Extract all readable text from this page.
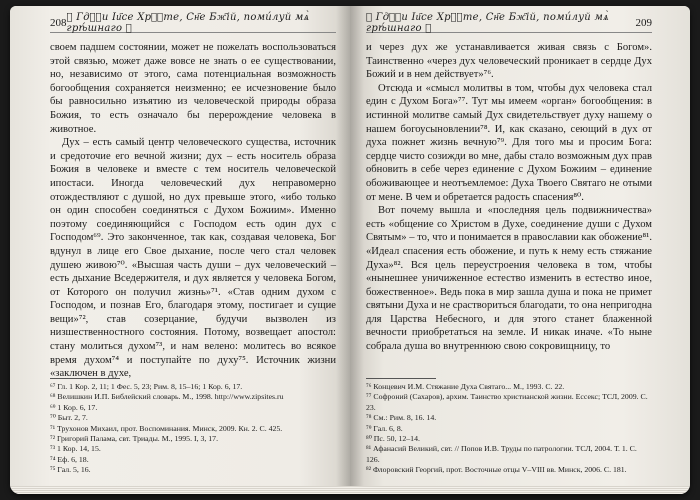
208 ✠ Гдⷭ҇и Іи҃се Хрⷭ҇те, Сн҃е Бж҃ій, поми́луй мѧ̀ грѣ́шнаго ✠

своем падшем состоянии, может не пожелать воспользоваться этой связью, может даже вовсе не знать о ее существовании, но, независимо от этого, сама потенциальная возможность богообщения сохраняется неизменно; ее исчезновение было бы равносильно изъятию из человеческой природы образа Божия, то есть означало бы перерождение человека в животное.

Дух – есть самый центр человеческого существа, источник и средоточие его вечной жизни; дух – есть носитель образа Божия в человеке и вместе с тем носитель человеческой ипостаси. Иногда человеческий дух неправомерно отождествляют с душой, но дух превыше этого, «ибо только он один способен соединяться с Духом Божиим». Именно поэтому соединяющийся с Господом есть один дух с Господом⁶⁹. Это законченное, так как, создавая человека, Бог вдунул в лице его Свое дыхание, после чего стал человек душею живою⁷⁰. «Высшая часть души – дух человеческий – есть дыхание Вседержителя, и дух является у человека Богом, от Которого он получил жизнь»⁷¹. «Став одним духом с Господом, и познав Его, благодаря этому, постигает и сущие вещи»⁷², став созерцание, будучи вызволен из низшественностного состояния. Потому, возвещает апостол: стану молиться духом⁷³, и нам велено: молитесь во всякое время духом⁷⁴ и поступайте по духу⁷⁵. Источник жизни «заключен в духе,

⁶⁷ Гл. 1 Кор. 2, 11; 1 Фес. 5, 23; Рим. 8, 15–16; 1 Кор. 6, 17.

⁶⁸ Велишкин И.П. Библейский словарь. М., 1998. http://www.zipsites.ru

⁶⁹ 1 Кор. 6, 17.

⁷⁰ Быт. 2, 7.

⁷¹ Трухонов Михаил, прот. Воспоминания. Минск, 2009. Кн. 2. С. 425.

⁷² Григорий Палама, свт. Триады. М., 1995. I, 3, 17.

⁷³ 1 Кор. 14, 15.

⁷⁴ Еф. 6, 18.

⁷⁵ Гал. 5, 16.

✠ Гдⷭ҇и Іи҃се Хрⷭ҇те, Сн҃е Бж҃ій, поми́луй мѧ̀ грѣ́шнаго ✠	209

и через дух же устанавливается живая связь с Богом». Таинственно «через дух человеческий проникает в сердце Дух Божий и в нем действует»⁷⁶.

Отсюда и «смысл молитвы в том, чтобы дух человека стал един с Духом Бога»⁷⁷. Тут мы имеем «орган» богообщения: в истинной молитве самый Дух свидетельствует духу нашему о нашем богоусыновлении⁷⁸. И, как сказано, сеющий в дух от духа пожнет жизнь вечную⁷⁹. Для того мы и просим Бога: сердце чисто созижди во мне, дабы стало возможным дух прав обновить в себе через единение с Духом Божиим – единение обоживающее и неотъемлемое: Духа Твоего Святаго не отыми от мене. В чем и обретается радость спасения⁸⁰.

Вот почему вышла и «последняя цель подвижничества» есть «общение со Христом в Духе, соединение души с Духом Святым» – то, что и понимается в православии как обожение⁸¹. «Идеал спасения есть обожение, и путь к нему есть стяжание Духа»⁸². Вся цель переустроения человека в том, чтобы «нынешнее уничиженное естество изменить в естество иное, божественное». Ведь пока в мир зашла душа и пока не примет святыни Духа и не сраствориться благодати, то она непригодна для Царства Небесного, и для этого станет блаженной вечности приобретаться на земле. И никак иначе. «То ныне собрала душа во внутреннюю свою сокровищницу, то

⁷⁶ Концевич И.М. Стяжание Духа Святаго... М., 1993. С. 22.

⁷⁷ Софроний (Сахаров), архим. Таинство христианской жизни. Ессекс; ТСЛ, 2009. С. 23.

⁷⁸ См.: Рим. 8, 16. 14.

⁷⁹ Гал. 6, 8.

⁸⁰ Пс. 50, 12–14.

⁸¹ Афанасий Великий, свт. // Попов И.В. Труды по патрологии. ТСЛ, 2004. Т. 1. С. 126.

⁸² Флоровский Георгий, прот. Восточные отцы V–VIII вв. Минск, 2006. С. 181.
